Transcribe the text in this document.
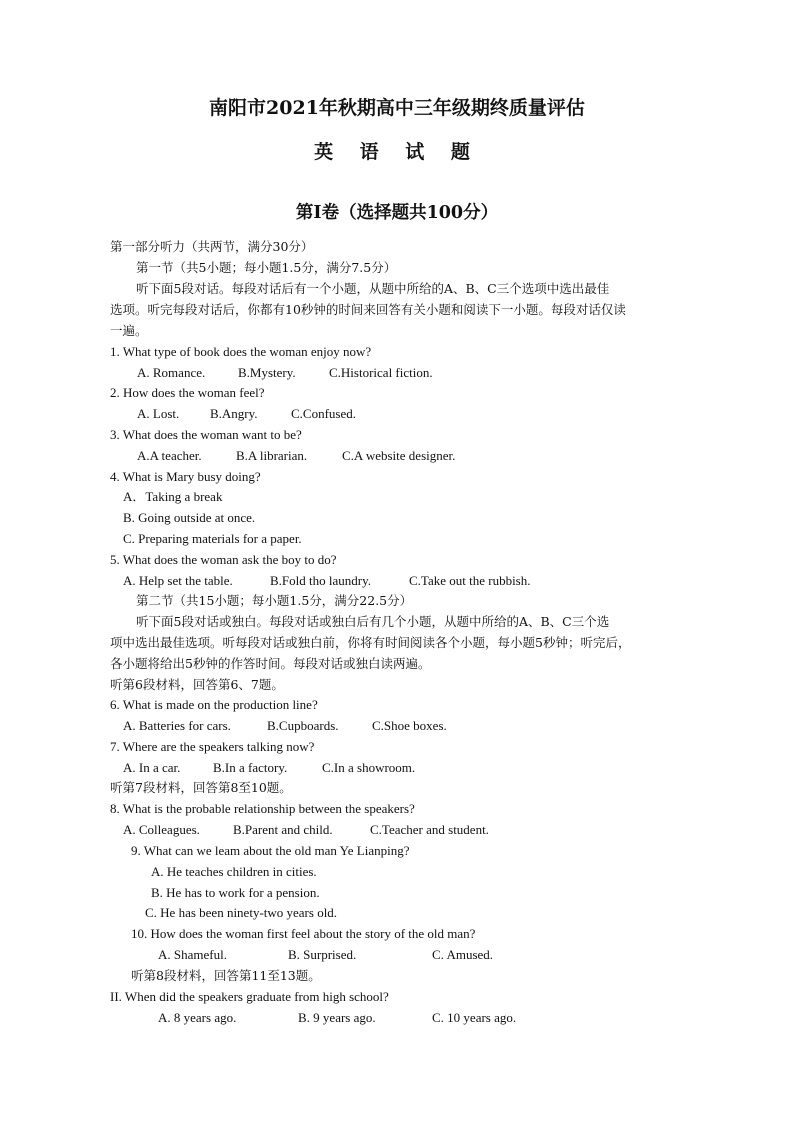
南阳市2021年秋期高中三年级期终质量评估
英 语 试 题
第Ⅰ卷（选择题共100分）
第一部分听力（共两节，满分30分）
第一节（共5小题；每小题1.5分，满分7.5分）
听下面5段对话。每段对话后有一个小题，从题中所给的A、B、C三个选项中选出最佳
选项。听完每段对话后，你都有10秒钟的时间来回答有关小题和阅读下一小题。每段对话仅读
一遍。
1. What type of book does the woman enjoy now?
A. Romance.	B.Mystery.	C.Historical fiction.
2. How does the woman feel?
A. Lost. B.Angry.	C.Confused.
3. What does the woman want to be?
A.A teacher.	B.A librarian.	C.A website designer.
4. What is Mary busy doing?
A．Taking a break
B. Going outside at once.
C. Preparing materials for a paper.
5. What does the woman ask the boy to do?
A. Help set the table.	B.Fold tho laundry.	C.Take out the rubbish.
第二节（共15小题；每小题1.5分，满分22.5分）
听下面5段对话或独白。每段对话或独白后有几个小题，从题中所给的A、B、C三个选
项中选出最佳选项。听每段对话或独白前，你将有时间阅读各个小题，每小题5秒钟；听完后，
各小题将给出5秒钟的作答时间。每段对话或独白读两遍。
听第6段材料，回答第6、7题。
6. What is made on the production line?
A. Batteries for cars.	B.Cupboards.	C.Shoe boxes.
7. Where are the speakers talking now?
A. In a car.	B.In a factory.	C.In a showroom.
听第7段材料，回答第8至10题。
8. What is the probable relationship between the speakers?
A. Colleagues.	B.Parent and child.	C.Teacher and student.
9. What can we leam about the old man Ye Lianping?
A. He teaches children in cities.
B. He has to work for a pension.
C. He has been ninety-two years old.
10. How does the woman first feel about the story of the old man?
A. Shameful.	B. Surprised.	C. Amused.
听第8段材料，回答第11至13题。
II. When did the speakers graduate from high school?
A. 8 years ago.	B. 9 years ago.	C. 10 years ago.
